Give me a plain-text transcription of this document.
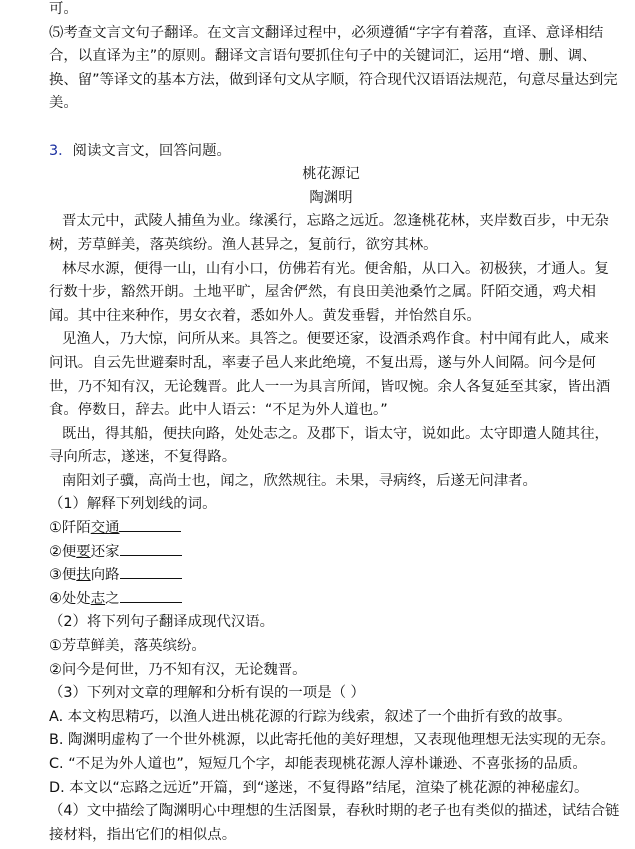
可。
⑸考查文言文句子翻译。在文言文翻译过程中，必须遵循“字字有着落，直译、意译相结
合，以直译为主”的原则。翻译文言语句要抓住句子中的关键词汇，运用“增、删、调、
换、留”等译文的基本方法，做到译句文从字顺，符合现代汉语语法规范，句意尽量达到完
美。
3．阅读文言文，回答问题。
桃花源记
陶渊明
晋太元中，武陵人捕鱼为业。缘溪行，忘路之远近。忽逢桃花林，夹岸数百步，中无杂
树，芳草鲜美，落英缤纷。渔人甚异之，复前行，欲穷其林。
林尽水源，便得一山，山有小口，仿佛若有光。便舍船，从口入。初极狭，才通人。复
行数十步，豁然开朗。土地平旷，屋舍俨然，有良田美池桑竹之属。阡陌交通，鸡犬相
闻。其中往来种作，男女衣着，悉如外人。黄发垂髫，并怡然自乐。
见渔人，乃大惊，问所从来。具答之。便要还家，设酒杀鸡作食。村中闻有此人，咸来
问讯。自云先世避秦时乱，率妻子邑人来此绝境，不复出焉，遂与外人间隔。问今是何
世，乃不知有汉，无论魏晋。此人一一为具言所闻，皆叹惋。余人各复延至其家，皆出酒
食。停数日，辞去。此中人语云：“不足为外人道也。”
既出，得其船，便扶向路，处处志之。及郡下，诣太守，说如此。太守即遣人随其往，
寻向所志，遂迷，不复得路。
南阳刘子骥，高尚士也，闻之，欣然规往。未果，寻病终，后遂无问津者。
（1）解释下列划线的词。
①阡陌交通
②便要还家
③便扶向路
④处处志之
（2）将下列句子翻译成现代汉语。
①芳草鲜美，落英缤纷。
②问今是何世，乃不知有汉，无论魏晋。
（3）下列对文章的理解和分析有误的一项是（ ）
A. 本文构思精巧，以渔人进出桃花源的行踪为线索，叙述了一个曲折有致的故事。
B. 陶渊明虚构了一个世外桃源，以此寄托他的美好理想，又表现他理想无法实现的无奈。
C. “不足为外人道也”，短短几个字，却能表现桃花源人淳朴谦逊、不喜张扬的品质。
D. 本文以“忘路之远近”开篇，到“遂迷，不复得路”结尾，渲染了桃花源的神秘虚幻。
（4）文中描绘了陶渊明心中理想的生活图景，春秋时期的老子也有类似的描述，试结合链
接材料，指出它们的相似点。
